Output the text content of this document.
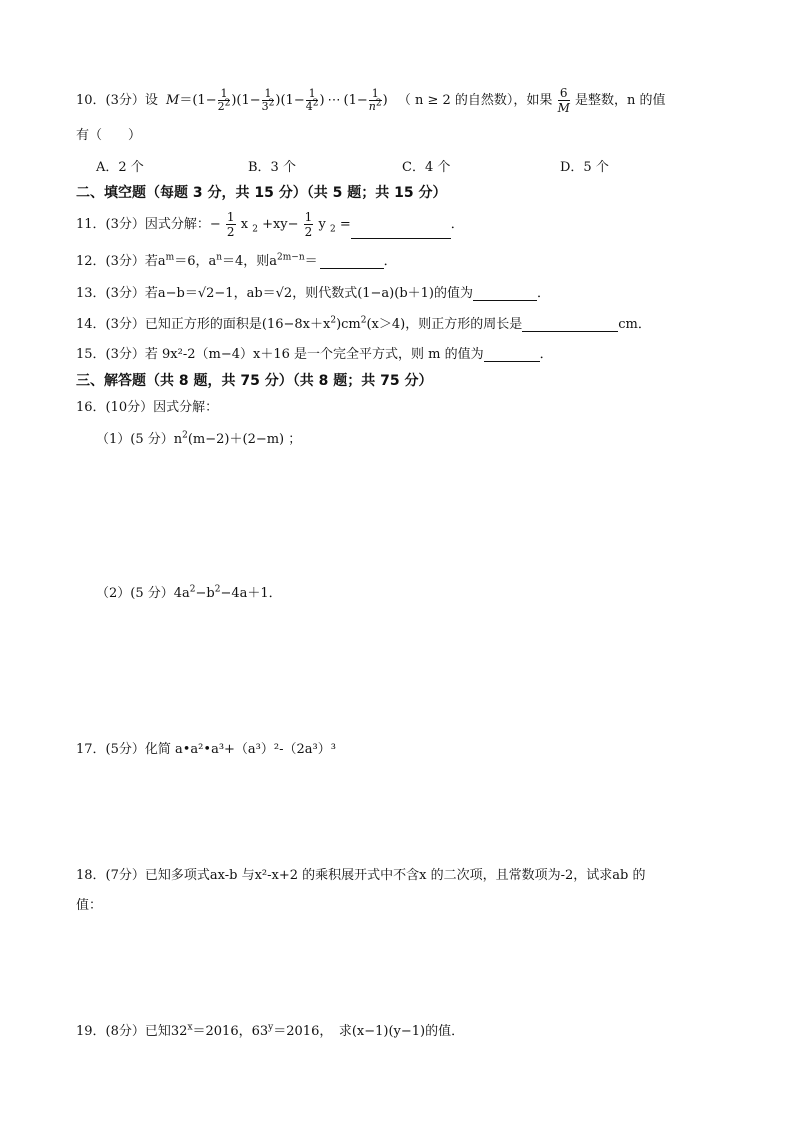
10．(3分）设 $M=(1- \frac{1}{2^2} )(1- \frac{1}{3^2} )(1- \frac{1}{4^2}$ ) ⋯ ($1- \frac{1}{n^2}$ ) （ n ≥ 2 的自然数），如果 $\frac{6}{M}$ 是整数，n 的值
有（　　）
A．2 个	B．3 个	C．4 个	D．5 个
二、填空题（每题 3 分，共 15 分）（共 5 题；共 15 分）
11．(3分）因式分解：− $\frac{1}{2}$ x $_2 +xy- \frac{1}{2}$ y $_2$ =	．
12．(3分）若$a^m=6$，$a^n=4$，则$a^{2m-n}=$	．
13．(3分）若a−b＝√2−1，ab＝√2，则代数式(1−a)(b＋1)的值为	．
14．(3分）已知正方形的面积是$(16-8x+x^2)cm^2(x>4)$，则正方形的周长是	cm．
15．(3分）若 9x²-2（m−4）x＋16 是一个完全平方式，则 m 的值为	．
三、解答题（共 8 题，共 75 分）（共 8 题；共 75 分）
16．(10分）因式分解：
（1）(5 分）$n^2(m-2)+(2-m)$ ；
（2）(5 分）$4a^2-b^2-4a+1$．
17．(5分）化简 a•a²•a³+（a³）²-（2a³）³
18．(7分）已知多项式ax-b 与x²-x+2 的乘积展开式中不含x 的二次项，且常数项为-2，试求ab 的
值：
19．(8分）已知$32^x=2016$，$63^y=2016$，　求(x−1)(y−1)的值．
